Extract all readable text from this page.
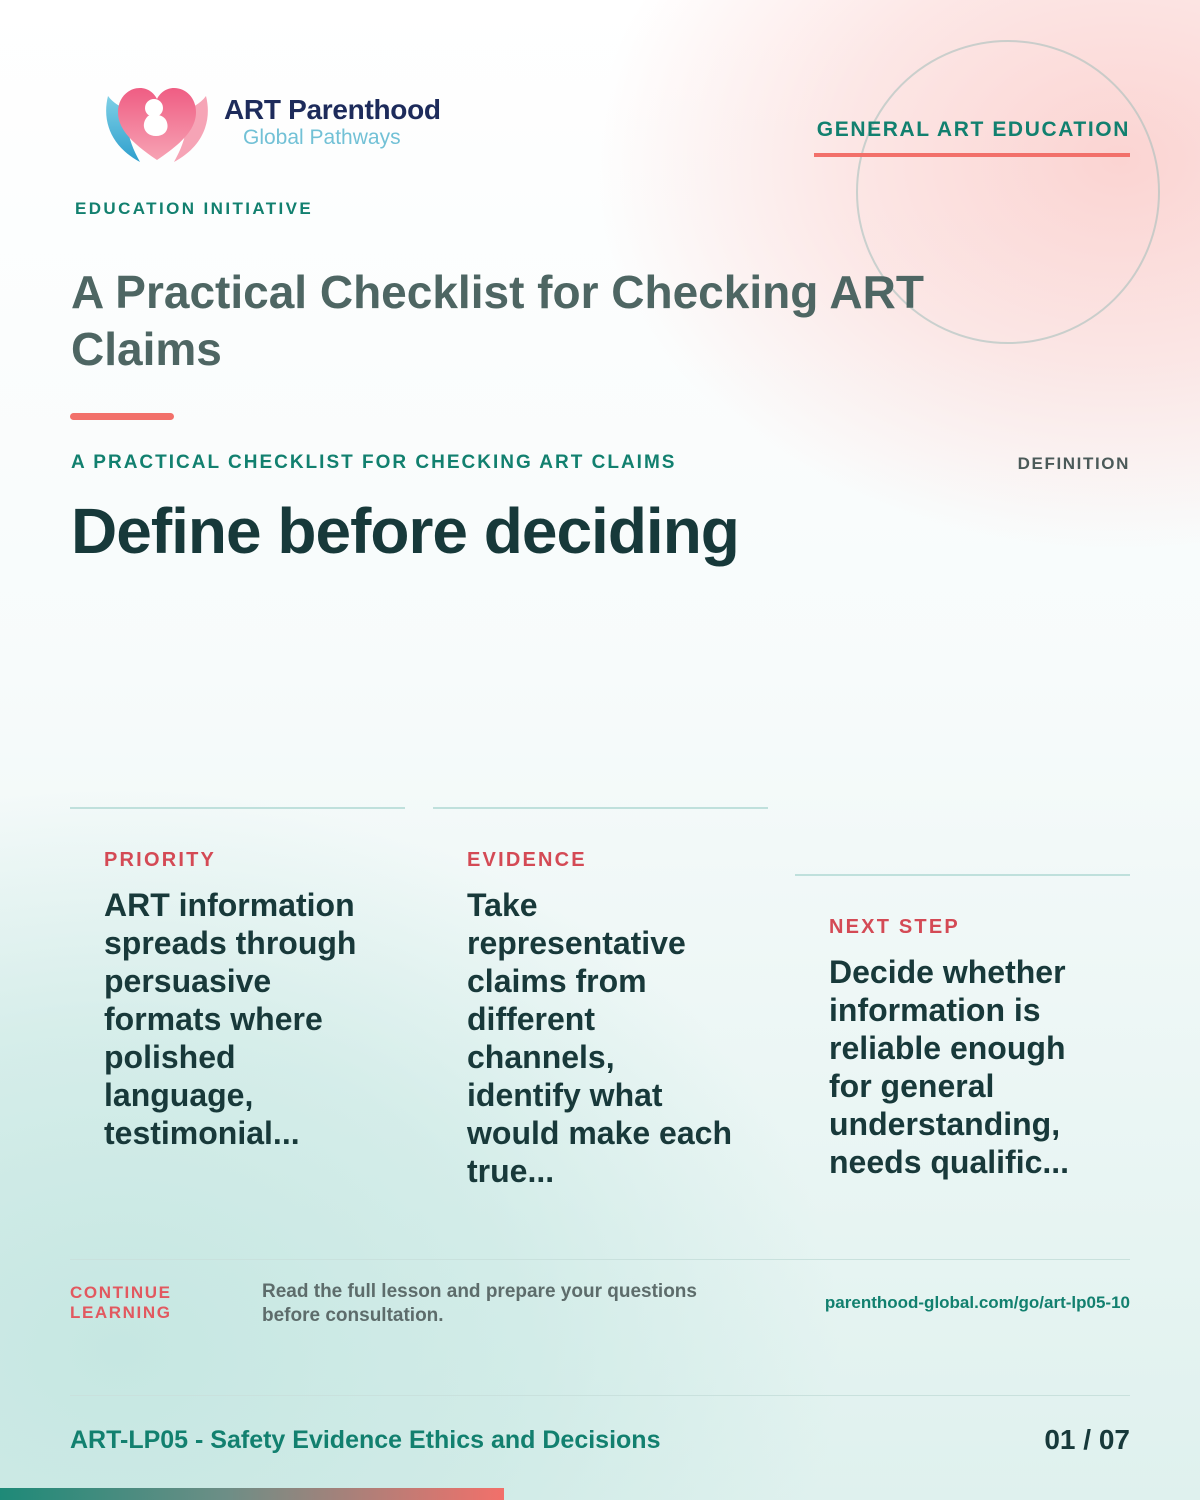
ART Parenthood
Global Pathways
EDUCATION INITIATIVE
GENERAL ART EDUCATION
A Practical Checklist for Checking ART Claims
A PRACTICAL CHECKLIST FOR CHECKING ART CLAIMS	DEFINITION
Define before deciding
PRIORITY
ART information spreads through persuasive formats where polished language, testimonial...
EVIDENCE
Take representative claims from different channels, identify what would make each true...
NEXT STEP
Decide whether information is reliable enough for general understanding, needs qualific...
CONTINUE LEARNING
Read the full lesson and prepare your questions before consultation.
parenthood-global.com/go/art-lp05-10
ART-LP05 - Safety Evidence Ethics and Decisions	01 / 07
